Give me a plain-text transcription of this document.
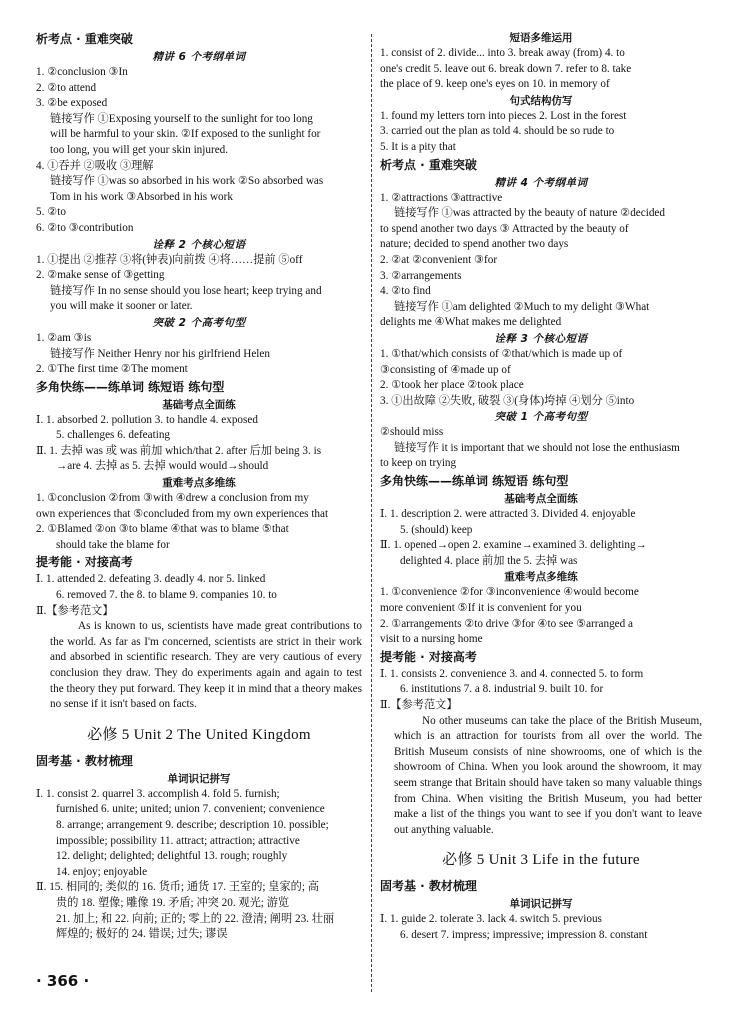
析考点 · 重难突破
精讲 6 个考纲单词
1. ②conclusion ③In
2. ②to attend
3. ②be exposed
链接写作 ①Exposing yourself to the sunlight for too long
will be harmful to your skin. ②If exposed to the sunlight for
too long, you will get your skin injured.
4. ①吞并 ②吸收 ③理解
链接写作 ①was so absorbed in his work ②So absorbed was
Tom in his work ③Absorbed in his work
5. ②to
6. ②to ③contribution
诠释 2 个核心短语
1. ①提出 ②推荐 ③将(钟表)向前拨 ④将……提前 ⑤off
2. ②make sense of ③getting
链接写作 In no sense should you lose heart; keep trying and
you will make it sooner or later.
突破 2 个高考句型
1. ②am ③is
链接写作 Neither Henry nor his girlfriend Helen
2. ①The first time ②The moment
多角快练——练单词 练短语 练句型
基础考点全面练
Ⅰ. 1. absorbed 2. pollution 3. to handle 4. exposed
5. challenges 6. defeating
Ⅱ. 1. 去掉 was 或 was 前加 which/that 2. after 后加 being 3. is
→are 4. 去掉 as 5. 去掉 would would→should
重难考点多维练
1. ①conclusion ②from ③with ④drew a conclusion from my
own experiences that ⑤concluded from my own experiences that
2. ①Blamed ②on ③to blame ④that was to blame ⑤that
should take the blame for
提考能 · 对接高考
Ⅰ. 1. attended 2. defeating 3. deadly 4. nor 5. linked
6. removed 7. the 8. to blame 9. companies 10. to
Ⅱ.【参考范文】
As is known to us, scientists have made great contributions to the world. As far as I'm concerned, scientists are strict in their work and absorbed in scientific research. They are very cautious of every conclusion they draw. They do experiments again and again to test the theory they put forward. They keep it in mind that a theory makes no sense if it isn't based on facts.
必修 5 Unit 2 The United Kingdom
固考基 · 教材梳理
单词识记拼写
Ⅰ. 1. consist 2. quarrel 3. accomplish 4. fold 5. furnish;
furnished 6. unite; united; union 7. convenient; convenience
8. arrange; arrangement 9. describe; description 10. possible;
impossible; possibility 11. attract; attraction; attractive
12. delight; delighted; delightful 13. rough; roughly
14. enjoy; enjoyable
Ⅱ. 15. 相同的; 类似的 16. 货币; 通货 17. 王室的; 皇家的; 高
贵的 18. 塑像; 雕像 19. 矛盾; 冲突 20. 观光; 游览
21. 加上; 和 22. 向前; 正的; 零上的 22. 澄清; 阐明 23. 壮丽
辉煌的; 极好的 24. 错误; 过失; 谬误
短语多维运用
1. consist of 2. divide... into 3. break away (from) 4. to
one's credit 5. leave out 6. break down 7. refer to 8. take
the place of 9. keep one's eyes on 10. in memory of
句式结构仿写
1. found my letters torn into pieces 2. Lost in the forest
3. carried out the plan as told 4. should be so rude to
5. It is a pity that
析考点 · 重难突破
精讲 4 个考纲单词
1. ②attractions ③attractive
链接写作 ①was attracted by the beauty of nature ②decided
to spend another two days ③ Attracted by the beauty of
nature; decided to spend another two days
2. ②at ②convenient ③for
3. ②arrangements
4. ②to find
链接写作 ①am delighted ②Much to my delight ③What
delights me ④What makes me delighted
诠释 3 个核心短语
1. ①that/which consists of ②that/which is made up of
③consisting of ④made up of
2. ①took her place ②took place
3. ①出故障 ②失败, 破裂 ③(身体)垮掉 ④划分 ⑤into
突破 1 个高考句型
②should miss
链接写作 it is important that we should not lose the enthusiasm
to keep on trying
多角快练——练单词 练短语 练句型
基础考点全面练
Ⅰ. 1. description 2. were attracted 3. Divided 4. enjoyable
5. (should) keep
Ⅱ. 1. opened→open 2. examine→examined 3. delighting→
delighted 4. place 前加 the 5. 去掉 was
重难考点多维练
1. ①convenience ②for ③inconvenience ④would become
more convenient ⑤If it is convenient for you
2. ①arrangements ②to drive ③for ④to see ⑤arranged a
visit to a nursing home
提考能 · 对接高考
Ⅰ. 1. consists 2. convenience 3. and 4. connected 5. to form
6. institutions 7. a 8. industrial 9. built 10. for
Ⅱ.【参考范文】
No other museums can take the place of the British Museum, which is an attraction for tourists from all over the world. The British Museum consists of nine showrooms, one of which is the showroom of China. When you look around the showroom, it may seem strange that Britain should have taken so many valuable things from China. When visiting the British Museum, you had better make a list of the things you want to see if you don't want to leave out anything valuable.
必修 5 Unit 3 Life in the future
固考基 · 教材梳理
单词识记拼写
Ⅰ. 1. guide 2. tolerate 3. lack 4. switch 5. previous
6. desert 7. impress; impressive; impression 8. constant
· 366 ·
